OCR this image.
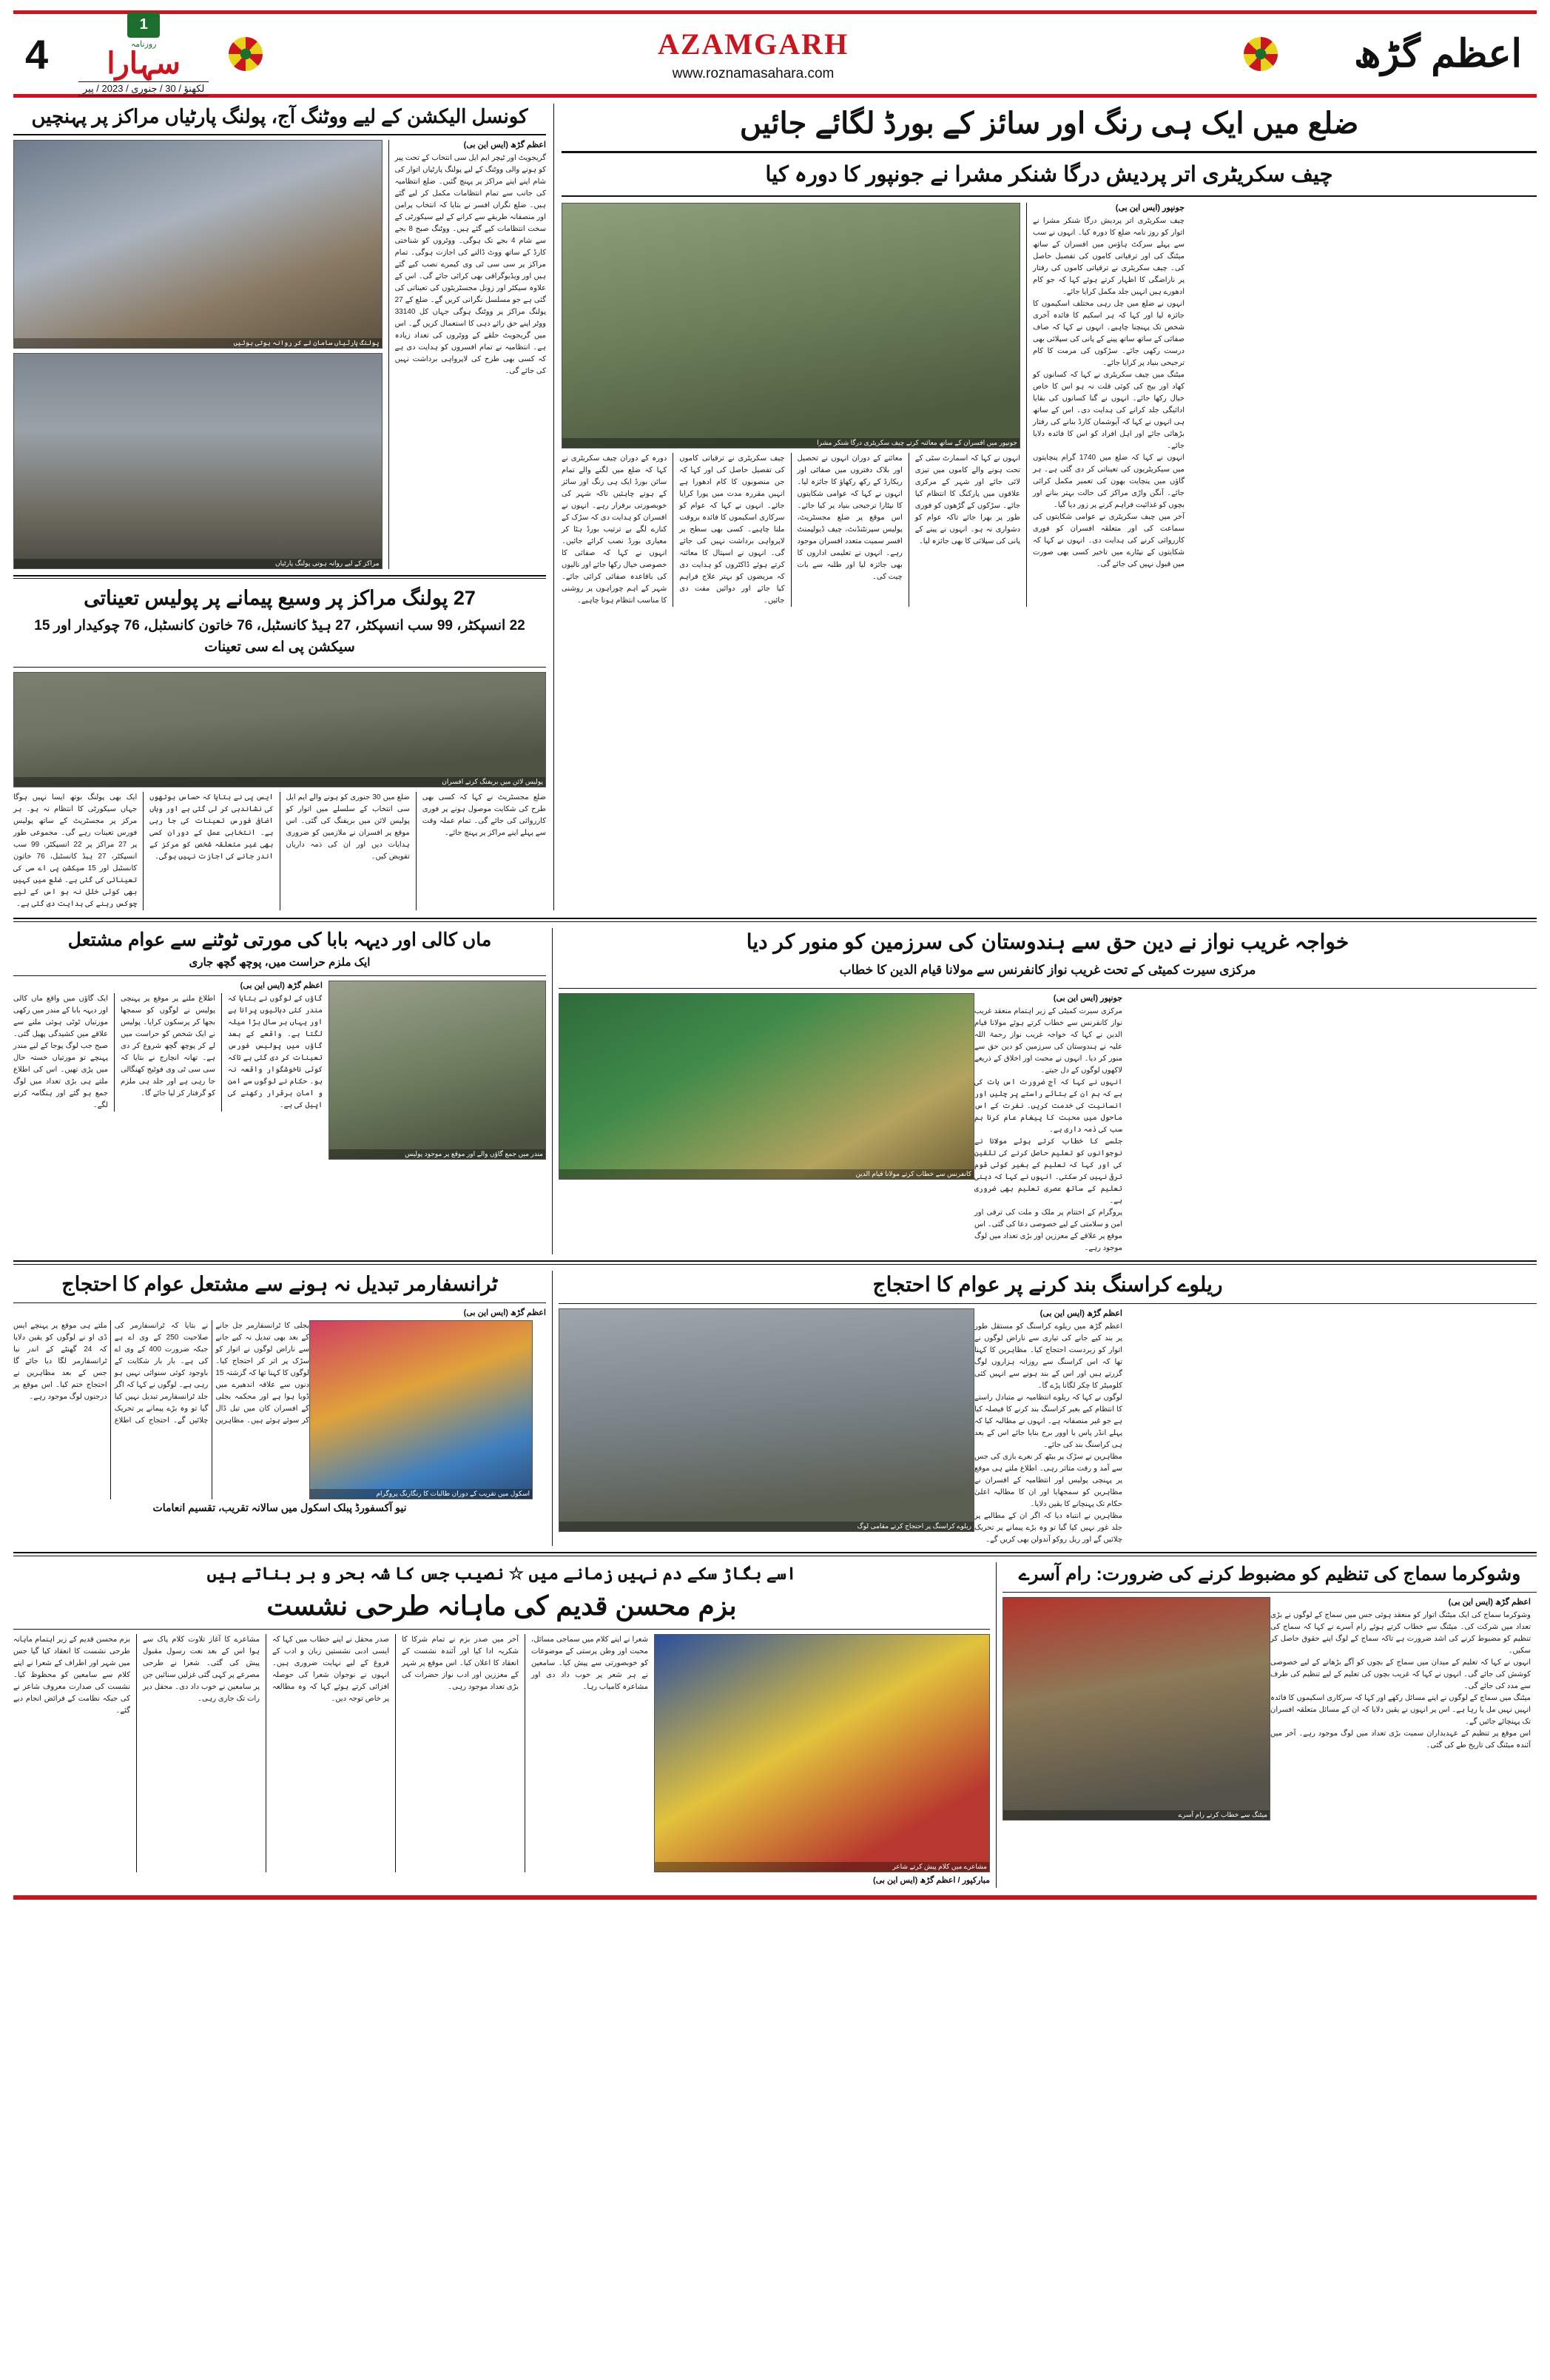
4
1
روزنامہ
سہارا
لکھنؤ / 30 / جنوری / 2023 / پیر
AZAMGARH
www.roznamasahara.com	اعظم گڑھ
کونسل الیکشن کے لیے ووٹنگ آج، پولنگ پارٹیاں مراکز پر پہنچیں
پولنگ پارٹیاں سامان لے کر روانہ ہوتی ہوئیں
مراکز کے لیے روانہ ہوتی پولنگ پارٹیاں
اعظم گڑھ (ایس این بی)
گریجویٹ اور ٹیچر ایم ایل سی انتخاب کے تحت پیر کو ہونے والی ووٹنگ کے لیے پولنگ پارٹیاں اتوار کی شام اپنے اپنے مراکز پر پہنچ گئیں۔ ضلع انتظامیہ کی جانب سے تمام انتظامات مکمل کر لیے گئے ہیں۔ ضلع نگراں افسر نے بتایا کہ انتخاب پرامن اور منصفانہ طریقے سے کرانے کے لیے سیکورٹی کے سخت انتظامات کیے گئے ہیں۔ ووٹنگ صبح 8 بجے سے شام 4 بجے تک ہوگی۔ ووٹروں کو شناختی کارڈ کے ساتھ ووٹ ڈالنے کی اجازت ہوگی۔ تمام مراکز پر سی سی ٹی وی کیمرے نصب کیے گئے ہیں اور ویڈیوگرافی بھی کرائی جائے گی۔ اس کے علاوہ سیکٹر اور زونل مجسٹریٹوں کی تعیناتی کی گئی ہے جو مسلسل نگرانی کریں گے۔ ضلع کے 27 پولنگ مراکز پر ووٹنگ ہوگی جہاں کل 33140 ووٹر اپنے حق رائے دہی کا استعمال کریں گے۔ اس میں گریجویٹ حلقے کے ووٹروں کی تعداد زیادہ ہے۔ انتظامیہ نے تمام افسروں کو ہدایت دی ہے کہ کسی بھی طرح کی لاپرواہی برداشت نہیں کی جائے گی۔
27 پولنگ مراکز پر وسیع پیمانے پر پولیس تعیناتی
22 انسپکٹر، 99 سب انسپکٹر، 27 ہیڈ کانسٹبل، 76 خاتون کانسٹبل، 76 چوکیدار اور 15 سیکشن پی اے سی تعینات
پولیس لائن میں بریفنگ کرتے افسران
ایک بھی پولنگ بوتھ ایسا نہیں ہوگا جہاں سیکورٹی کا انتظام نہ ہو۔ ہر مرکز پر مجسٹریٹ کے ساتھ پولیس فورس تعینات رہے گی۔ مجموعی طور پر 27 مراکز پر 22 انسپکٹر، 99 سب انسپکٹر، 27 ہیڈ کانسٹبل، 76 خاتون کانسٹبل اور 15 سیکشن پی اے سی کی تعیناتی کی گئی ہے۔ ضلع میں کہیں بھی کوئی خلل نہ ہو اس کے لیے چوکس رہنے کی ہدایت دی گئی ہے۔
ایس پی نے بتایا کہ حساس بوتھوں کی نشاندہی کر لی گئی ہے اور وہاں اضافی فورس تعینات کی جا رہی ہے۔ انتخابی عمل کے دوران کسی بھی غیر متعلقہ شخص کو مرکز کے اندر جانے کی اجازت نہیں ہوگی۔
ضلع میں 30 جنوری کو ہونے والے ایم ایل سی انتخاب کے سلسلے میں اتوار کو پولیس لائن میں بریفنگ کی گئی۔ اس موقع پر افسران نے ملازمین کو ضروری ہدایات دیں اور ان کی ذمہ داریاں تفویض کیں۔
ضلع مجسٹریٹ نے کہا کہ کسی بھی طرح کی شکایت موصول ہونے پر فوری کارروائی کی جائے گی۔ تمام عملہ وقت سے پہلے اپنے مراکز پر پہنچ جائے۔
ضلع میں ایک ہی رنگ اور سائز کے بورڈ لگائے جائیں
چیف سکریٹری اتر پردیش درگا شنکر مشرا نے جونپور کا دورہ کیا
جونپور میں افسران کے ساتھ معائنہ کرتے چیف سکریٹری درگا شنکر مشرا
دورہ کے دوران چیف سکریٹری نے کہا کہ ضلع میں لگنے والے تمام سائن بورڈ ایک ہی رنگ اور سائز کے ہونے چاہئیں تاکہ شہر کی خوبصورتی برقرار رہے۔ انہوں نے افسران کو ہدایت دی کہ سڑک کے کنارے لگے بے ترتیب بورڈ ہٹا کر معیاری بورڈ نصب کرائے جائیں۔ انہوں نے کہا کہ صفائی کا خصوصی خیال رکھا جائے اور نالیوں کی باقاعدہ صفائی کرائی جائے۔ شہر کے اہم چوراہوں پر روشنی کا مناسب انتظام ہونا چاہیے۔
چیف سکریٹری نے ترقیاتی کاموں کی تفصیل حاصل کی اور کہا کہ جن منصوبوں کا کام ادھورا ہے انہیں مقررہ مدت میں پورا کرایا جائے۔ انہوں نے کہا کہ عوام کو سرکاری اسکیموں کا فائدہ بروقت ملنا چاہیے۔ کسی بھی سطح پر لاپرواہی برداشت نہیں کی جائے گی۔ انہوں نے اسپتال کا معائنہ کرتے ہوئے ڈاکٹروں کو ہدایت دی کہ مریضوں کو بہتر علاج فراہم کیا جائے اور دوائیں مفت دی جائیں۔
معائنے کے دوران انہوں نے تحصیل اور بلاک دفتروں میں صفائی اور ریکارڈ کے رکھ رکھاؤ کا جائزہ لیا۔ انہوں نے کہا کہ عوامی شکایتوں کا نپٹارا ترجیحی بنیاد پر کیا جائے۔ اس موقع پر ضلع مجسٹریٹ، پولیس سپرنٹنڈنٹ، چیف ڈیولپمنٹ افسر سمیت متعدد افسران موجود رہے۔ انہوں نے تعلیمی اداروں کا بھی جائزہ لیا اور طلبہ سے بات چیت کی۔
انہوں نے کہا کہ اسمارٹ سٹی کے تحت ہونے والے کاموں میں تیزی لائی جائے اور شہر کے مرکزی علاقوں میں پارکنگ کا انتظام کیا جائے۔ سڑکوں کے گڑھوں کو فوری طور پر بھرا جائے تاکہ عوام کو دشواری نہ ہو۔ انہوں نے پینے کے پانی کی سپلائی کا بھی جائزہ لیا۔
جونپور (ایس این بی)
چیف سکریٹری اتر پردیش درگا شنکر مشرا نے اتوار کو روز نامہ ضلع کا دورہ کیا۔ انہوں نے سب سے پہلے سرکٹ ہاؤس میں افسران کے ساتھ میٹنگ کی اور ترقیاتی کاموں کی تفصیل حاصل کی۔ چیف سکریٹری نے ترقیاتی کاموں کی رفتار پر ناراضگی کا اظہار کرتے ہوئے کہا کہ جو کام ادھورے ہیں انہیں جلد مکمل کرایا جائے۔
انہوں نے ضلع میں چل رہی مختلف اسکیموں کا جائزہ لیا اور کہا کہ ہر اسکیم کا فائدہ آخری شخص تک پہنچنا چاہیے۔ انہوں نے کہا کہ صاف صفائی کے ساتھ ساتھ پینے کے پانی کی سپلائی بھی درست رکھی جائے۔ سڑکوں کی مرمت کا کام ترجیحی بنیاد پر کرایا جائے۔
میٹنگ میں چیف سکریٹری نے کہا کہ کسانوں کو کھاد اور بیج کی کوئی قلت نہ ہو اس کا خاص خیال رکھا جائے۔ انہوں نے گنا کسانوں کی بقایا ادائیگی جلد کرانے کی ہدایت دی۔ اس کے ساتھ ہی انہوں نے کہا کہ آیوشمان کارڈ بنانے کی رفتار بڑھائی جائے اور اہل افراد کو اس کا فائدہ دلایا جائے۔
انہوں نے کہا کہ ضلع میں 1740 گرام پنچایتوں میں سیکریٹریوں کی تعیناتی کر دی گئی ہے۔ ہر گاؤں میں پنچایت بھون کی تعمیر مکمل کرائی جائے۔ آنگن واڑی مراکز کی حالت بہتر بنانے اور بچوں کو غذائیت فراہم کرنے پر زور دیا گیا۔
آخر میں چیف سکریٹری نے عوامی شکایتوں کی سماعت کی اور متعلقہ افسران کو فوری کارروائی کرنے کی ہدایت دی۔ انہوں نے کہا کہ شکایتوں کے نپٹارے میں تاخیر کسی بھی صورت میں قبول نہیں کی جائے گی۔
ماں کالی اور دیہہ بابا کی مورتی ٹوٹنے سے عوام مشتعل
ایک ملزم حراست میں، پوچھ گچھ جاری
اعظم گڑھ (ایس این بی)
ایک گاؤں میں واقع ماں کالی اور دیہہ بابا کے مندر میں رکھی مورتیاں ٹوٹی ہوئی ملنے سے علاقے میں کشیدگی پھیل گئی۔ صبح جب لوگ پوجا کے لیے مندر پہنچے تو مورتیاں خستہ حال میں پڑی تھیں۔ اس کی اطلاع ملتے ہی بڑی تعداد میں لوگ جمع ہو گئے اور ہنگامہ کرنے لگے۔
اطلاع ملنے پر موقع پر پہنچی پولیس نے لوگوں کو سمجھا بجھا کر پرسکون کرایا۔ پولیس نے ایک شخص کو حراست میں لے کر پوچھ گچھ شروع کر دی ہے۔ تھانہ انچارج نے بتایا کہ سی سی ٹی وی فوٹیج کھنگالی جا رہی ہے اور جلد ہی ملزم کو گرفتار کر لیا جائے گا۔
گاؤں کے لوگوں نے بتایا کہ مندر کئی دہائیوں پرانا ہے اور یہاں ہر سال بڑا میلہ لگتا ہے۔ واقعے کے بعد گاؤں میں پولیس فورس تعینات کر دی گئی ہے تاکہ کوئی ناخوشگوار واقعہ نہ ہو۔ حکام نے لوگوں سے امن و امان برقرار رکھنے کی اپیل کی ہے۔
مندر میں جمع گاؤں والے اور موقع پر موجود پولیس
خواجہ غریب نواز نے دین حق سے ہندوستان کی سرزمین کو منور کر دیا
مرکزی سیرت کمیٹی کے تحت غریب نواز کانفرنس سے مولانا قیام الدین کا خطاب
کانفرنس سے خطاب کرتے مولانا قیام الدین
جونپور (ایس این بی)
مرکزی سیرت کمیٹی کے زیر اہتمام منعقد غریب نواز کانفرنس سے خطاب کرتے ہوئے مولانا قیام الدین نے کہا کہ خواجہ غریب نواز رحمۃ اللہ علیہ نے ہندوستان کی سرزمین کو دین حق سے منور کر دیا۔ انہوں نے محبت اور اخلاق کے ذریعے لاکھوں لوگوں کے دل جیتے۔
انہوں نے کہا کہ آج ضرورت اس بات کی ہے کہ ہم ان کے بتائے راستے پر چلیں اور انسانیت کی خدمت کریں۔ نفرت کے اس ماحول میں محبت کا پیغام عام کرنا ہم سب کی ذمہ داری ہے۔
جلسے کا خطاب کرتے ہوئے مولانا نے نوجوانوں کو تعلیم حاصل کرنے کی تلقین کی اور کہا کہ تعلیم کے بغیر کوئی قوم ترقی نہیں کر سکتی۔ انہوں نے کہا کہ دینی تعلیم کے ساتھ عصری تعلیم بھی ضروری ہے۔
پروگرام کے اختتام پر ملک و ملت کی ترقی اور امن و سلامتی کے لیے خصوصی دعا کی گئی۔ اس موقع پر علاقے کے معززین اور بڑی تعداد میں لوگ موجود رہے۔
ٹرانسفارمر تبدیل نہ ہونے سے مشتعل عوام کا احتجاج
اعظم گڑھ (ایس این بی)
بجلی کا ٹرانسفارمر جل جانے کے بعد بھی تبدیل نہ کیے جانے سے ناراض لوگوں نے اتوار کو سڑک پر اتر کر احتجاج کیا۔ لوگوں کا کہنا تھا کہ گزشتہ 15 دنوں سے علاقہ اندھیرے میں ڈوبا ہوا ہے اور محکمہ بجلی کے افسران کان میں تیل ڈال کر سوئے ہوئے ہیں۔ مظاہرین نے بتایا کہ ٹرانسفارمر کی صلاحیت 250 کے وی اے ہے جبکہ ضرورت 400 کے وی اے کی ہے۔ بار بار شکایت کے باوجود کوئی سنوائی نہیں ہو رہی ہے۔ لوگوں نے کہا کہ اگر جلد ٹرانسفارمر تبدیل نہیں کیا گیا تو وہ بڑے پیمانے پر تحریک چلائیں گے۔ احتجاج کی اطلاع ملتے ہی موقع پر پہنچے ایس ڈی او نے لوگوں کو یقین دلایا کہ 24 گھنٹے کے اندر نیا ٹرانسفارمر لگا دیا جائے گا جس کے بعد مظاہرین نے احتجاج ختم کیا۔ اس موقع پر درجنوں لوگ موجود رہے۔
اسکول میں تقریب کے دوران طالبات کا رنگارنگ پروگرام
نیو آکسفورڈ پبلک اسکول میں سالانہ تقریب، تقسیم انعامات
ریلوے کراسنگ بند کرنے پر عوام کا احتجاج
ریلوے کراسنگ پر احتجاج کرتے مقامی لوگ
اعظم گڑھ (ایس این بی)
اعظم گڑھ میں ریلوے کراسنگ کو مستقل طور پر بند کیے جانے کی تیاری سے ناراض لوگوں نے اتوار کو زبردست احتجاج کیا۔ مظاہرین کا کہنا تھا کہ اس کراسنگ سے روزانہ ہزاروں لوگ گزرتے ہیں اور اس کے بند ہونے سے انہیں کئی کلومیٹر کا چکر لگانا پڑے گا۔
لوگوں نے کہا کہ ریلوے انتظامیہ نے متبادل راستے کا انتظام کیے بغیر کراسنگ بند کرنے کا فیصلہ کیا ہے جو غیر منصفانہ ہے۔ انہوں نے مطالبہ کیا کہ پہلے انڈر پاس یا اوور برج بنایا جائے اس کے بعد ہی کراسنگ بند کی جائے۔
مظاہرین نے سڑک پر بیٹھ کر نعرے بازی کی جس سے آمد و رفت متاثر رہی۔ اطلاع ملتے ہی موقع پر پہنچی پولیس اور انتظامیہ کے افسران نے مظاہرین کو سمجھایا اور ان کا مطالبہ اعلیٰ حکام تک پہنچانے کا یقین دلایا۔
مظاہرین نے انتباہ دیا کہ اگر ان کے مطالبے پر جلد غور نہیں کیا گیا تو وہ بڑے پیمانے پر تحریک چلائیں گے اور ریل روکو آندولن بھی کریں گے۔
اسے بگاڑ سکے دم نہیں زمانے میں ☆ نصیب جس کا شہ بحر و بر بناتے ہیں
بزم محسن قدیم کی ماہانہ طرحی نشست
بزم محسن قدیم کے زیر اہتمام ماہانہ طرحی نشست کا انعقاد کیا گیا جس میں شہر اور اطراف کے شعرا نے اپنے کلام سے سامعین کو محظوظ کیا۔ نشست کی صدارت معروف شاعر نے کی جبکہ نظامت کے فرائض انجام دیے گئے۔
مشاعرے کا آغاز تلاوت کلام پاک سے ہوا اس کے بعد نعت رسول مقبول پیش کی گئی۔ شعرا نے طرحی مصرعے پر کہی گئی غزلیں سنائیں جن پر سامعین نے خوب داد دی۔ محفل دیر رات تک جاری رہی۔
صدر محفل نے اپنے خطاب میں کہا کہ ایسی ادبی نشستیں زبان و ادب کے فروغ کے لیے نہایت ضروری ہیں۔ انہوں نے نوجوان شعرا کی حوصلہ افزائی کرتے ہوئے کہا کہ وہ مطالعہ پر خاص توجہ دیں۔
آخر میں صدر بزم نے تمام شرکا کا شکریہ ادا کیا اور آئندہ نشست کے انعقاد کا اعلان کیا۔ اس موقع پر شہر کے معززین اور ادب نواز حضرات کی بڑی تعداد موجود رہی۔
شعرا نے اپنے کلام میں سماجی مسائل، محبت اور وطن پرستی کے موضوعات کو خوبصورتی سے پیش کیا۔ سامعین نے ہر شعر پر خوب داد دی اور مشاعرہ کامیاب رہا۔
مشاعرے میں کلام پیش کرتے شاعر
مبارکپور / اعظم گڑھ (ایس این بی)
وشوکرما سماج کی تنظیم کو مضبوط کرنے کی ضرورت: رام آسرے
میٹنگ سے خطاب کرتے رام آسرے
اعظم گڑھ (ایس این بی)
وشوکرما سماج کی ایک میٹنگ اتوار کو منعقد ہوئی جس میں سماج کے لوگوں نے بڑی تعداد میں شرکت کی۔ میٹنگ سے خطاب کرتے ہوئے رام آسرے نے کہا کہ سماج کی تنظیم کو مضبوط کرنے کی اشد ضرورت ہے تاکہ سماج کے لوگ اپنے حقوق حاصل کر سکیں۔
انہوں نے کہا کہ تعلیم کے میدان میں سماج کے بچوں کو آگے بڑھانے کے لیے خصوصی کوشش کی جائے گی۔ انہوں نے کہا کہ غریب بچوں کی تعلیم کے لیے تنظیم کی طرف سے مدد کی جائے گی۔
میٹنگ میں سماج کے لوگوں نے اپنے مسائل رکھے اور کہا کہ سرکاری اسکیموں کا فائدہ انہیں نہیں مل پا رہا ہے۔ اس پر انہوں نے یقین دلایا کہ ان کے مسائل متعلقہ افسران تک پہنچائے جائیں گے۔
اس موقع پر تنظیم کے عہدیداران سمیت بڑی تعداد میں لوگ موجود رہے۔ آخر میں آئندہ میٹنگ کی تاریخ طے کی گئی۔
